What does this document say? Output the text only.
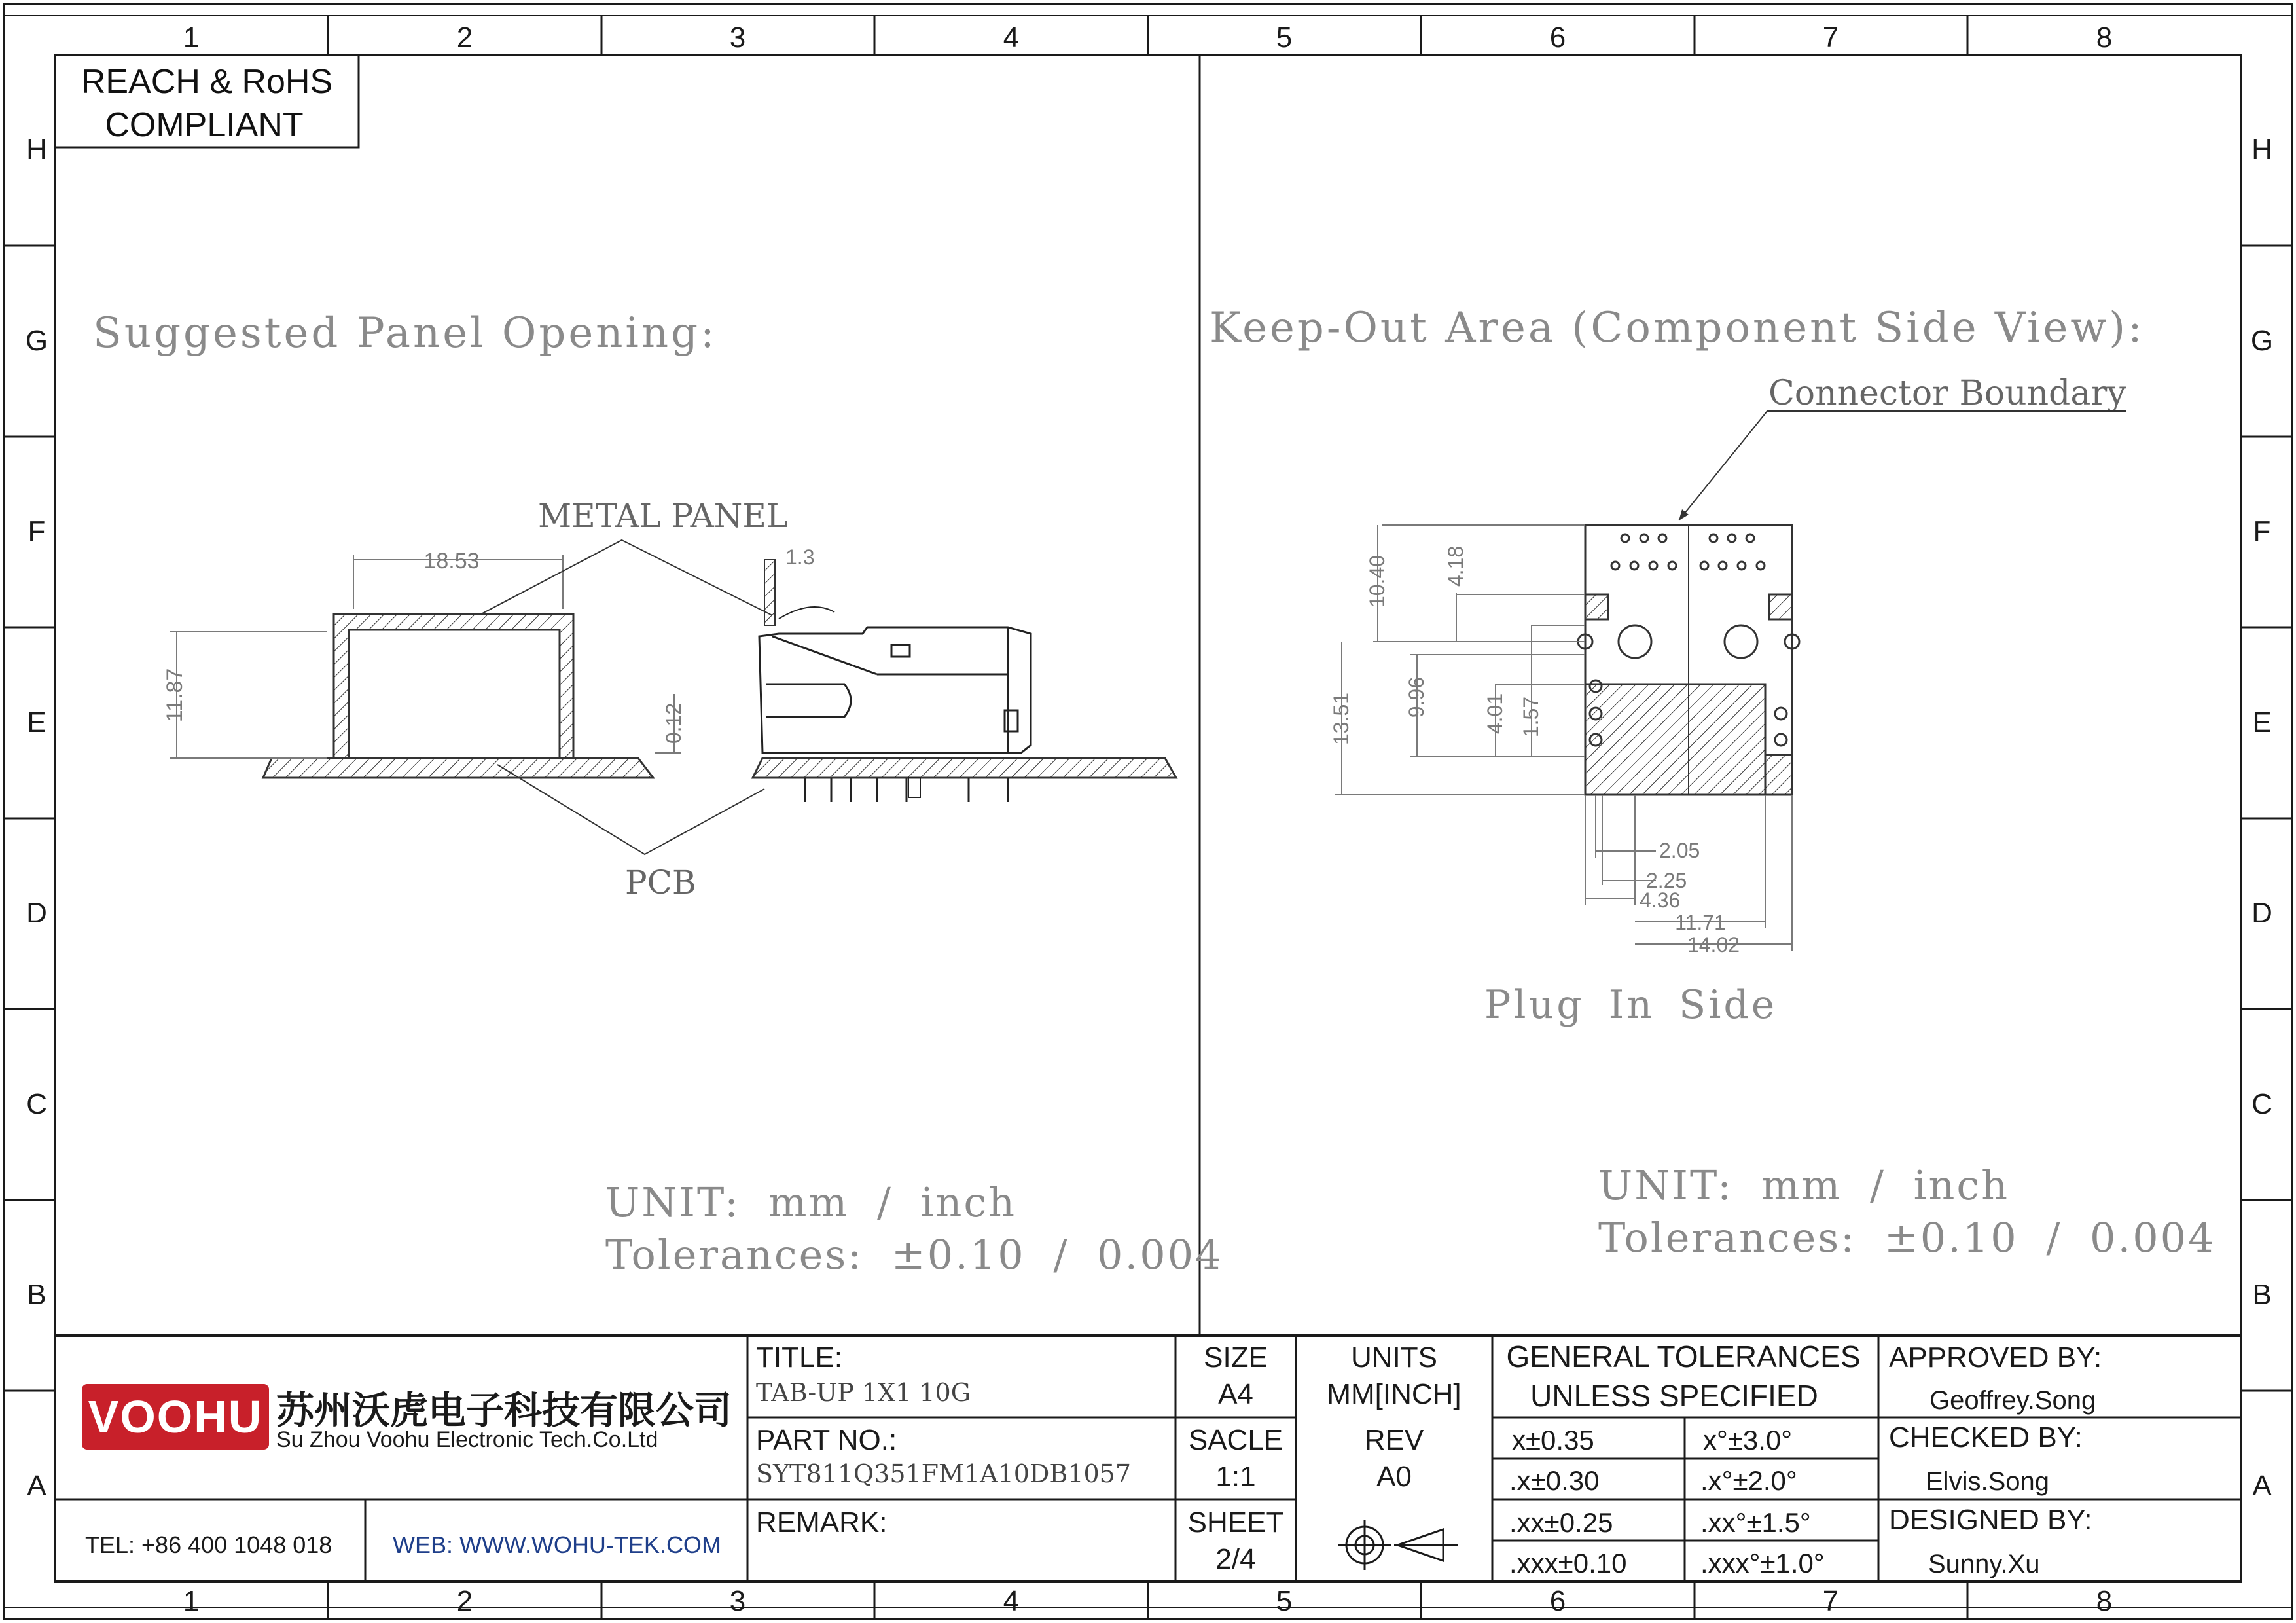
1	2	3	4	5	6	7	8
1	2	3	4	5	6	7	8
H
G
F
E
D
C
B
A
H
G
F
E
D
C
B
A
REACH & RoHS
COMPLIANT
Suggested Panel Opening:
18.53
11.87
0.12
1.3
METAL PANEL
PCB
UNIT: mm / inch
Tolerances: ±0.10 / 0.004
Keep-Out Area (Component Side View):
Connector Boundary
10.40	4.18
13.51 9.96	4.01 1.57
2.05
2.25
4.36
11.71
14.02
Plug In Side
UNIT: mm / inch
Tolerances: ±0.10 / 0.004
VOOHU 苏州沃虎电子科技有限公司
Su Zhou Voohu Electronic Tech.Co.Ltd
TEL: +86 400 1048 018	WEB: WWW.WOHU-TEK.COM
TITLE:
TAB-UP 1X1 10G
PART NO.:
SYT811Q351FM1A10DB1057
REMARK:
SIZE
A4
SACLE
1:1
SHEET
2/4
UNITS
MM[INCH]
REV
A0
GENERAL TOLERANCES
UNLESS SPECIFIED
x±0.35	x°±3.0°
.x±0.30	.x°±2.0°
.xx±0.25	.xx°±1.5°
.xxx±0.10	.xxx°±1.0°
APPROVED BY:
Geoffrey.Song
CHECKED BY:
Elvis.Song
DESIGNED BY:
Sunny.Xu
